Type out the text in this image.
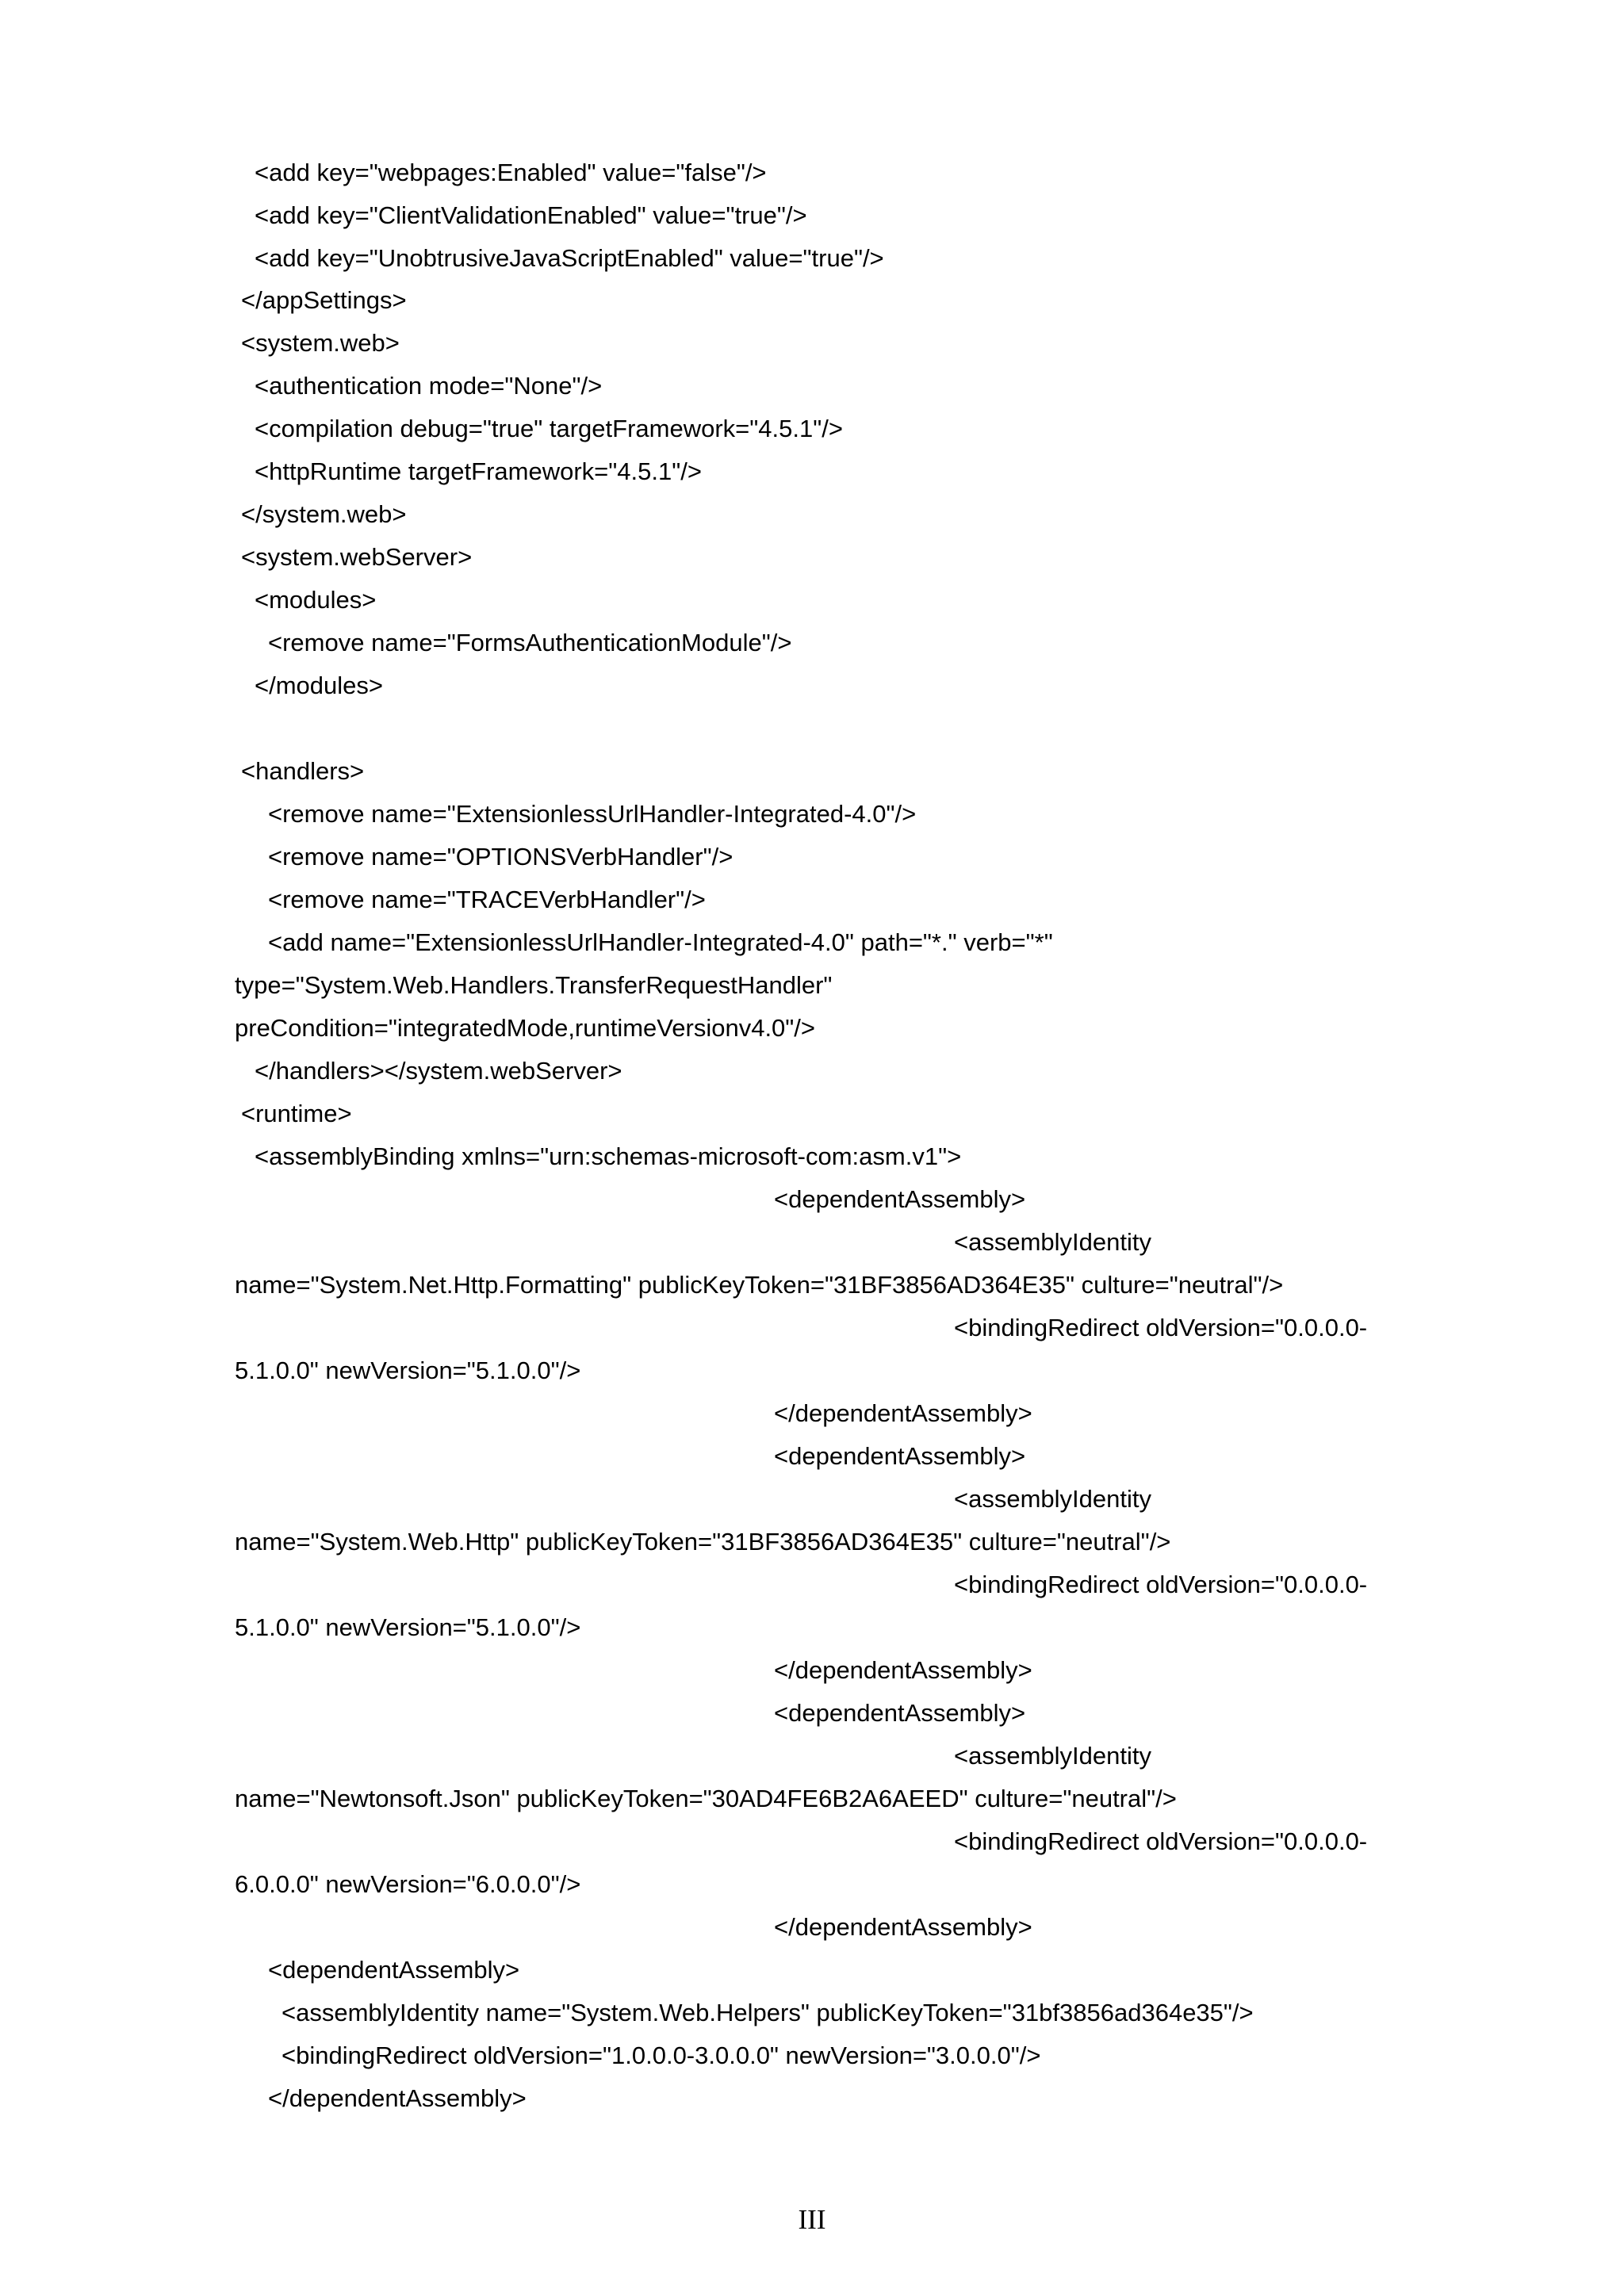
<add key="webpages:Enabled" value="false"/>

<add key="ClientValidationEnabled" value="true"/>

<add key="UnobtrusiveJavaScriptEnabled" value="true"/>

</appSettings>

<system.web>

<authentication mode="None"/>

<compilation debug="true" targetFramework="4.5.1"/>

<httpRuntime targetFramework="4.5.1"/>

</system.web>

<system.webServer>

<modules>

<remove name="FormsAuthenticationModule"/>

</modules>

<handlers>

<remove name="ExtensionlessUrlHandler-Integrated-4.0"/>

<remove name="OPTIONSVerbHandler"/>

<remove name="TRACEVerbHandler"/>

<add name="ExtensionlessUrlHandler-Integrated-4.0" path="*." verb="*"

type="System.Web.Handlers.TransferRequestHandler"

preCondition="integratedMode,runtimeVersionv4.0"/>

</handlers></system.webServer>

<runtime>

<assemblyBinding xmlns="urn:schemas-microsoft-com:asm.v1">

<dependentAssembly>

<assemblyIdentity

name="System.Net.Http.Formatting" publicKeyToken="31BF3856AD364E35" culture="neutral"/>

<bindingRedirect oldVersion="0.0.0.0-

5.1.0.0" newVersion="5.1.0.0"/>

</dependentAssembly>

<dependentAssembly>

<assemblyIdentity

name="System.Web.Http" publicKeyToken="31BF3856AD364E35" culture="neutral"/>

<bindingRedirect oldVersion="0.0.0.0-

5.1.0.0" newVersion="5.1.0.0"/>

</dependentAssembly>

<dependentAssembly>

<assemblyIdentity

name="Newtonsoft.Json" publicKeyToken="30AD4FE6B2A6AEED" culture="neutral"/>

<bindingRedirect oldVersion="0.0.0.0-

6.0.0.0" newVersion="6.0.0.0"/>

</dependentAssembly>

<dependentAssembly>

<assemblyIdentity name="System.Web.Helpers" publicKeyToken="31bf3856ad364e35"/>

<bindingRedirect oldVersion="1.0.0.0-3.0.0.0" newVersion="3.0.0.0"/>

</dependentAssembly>

III
